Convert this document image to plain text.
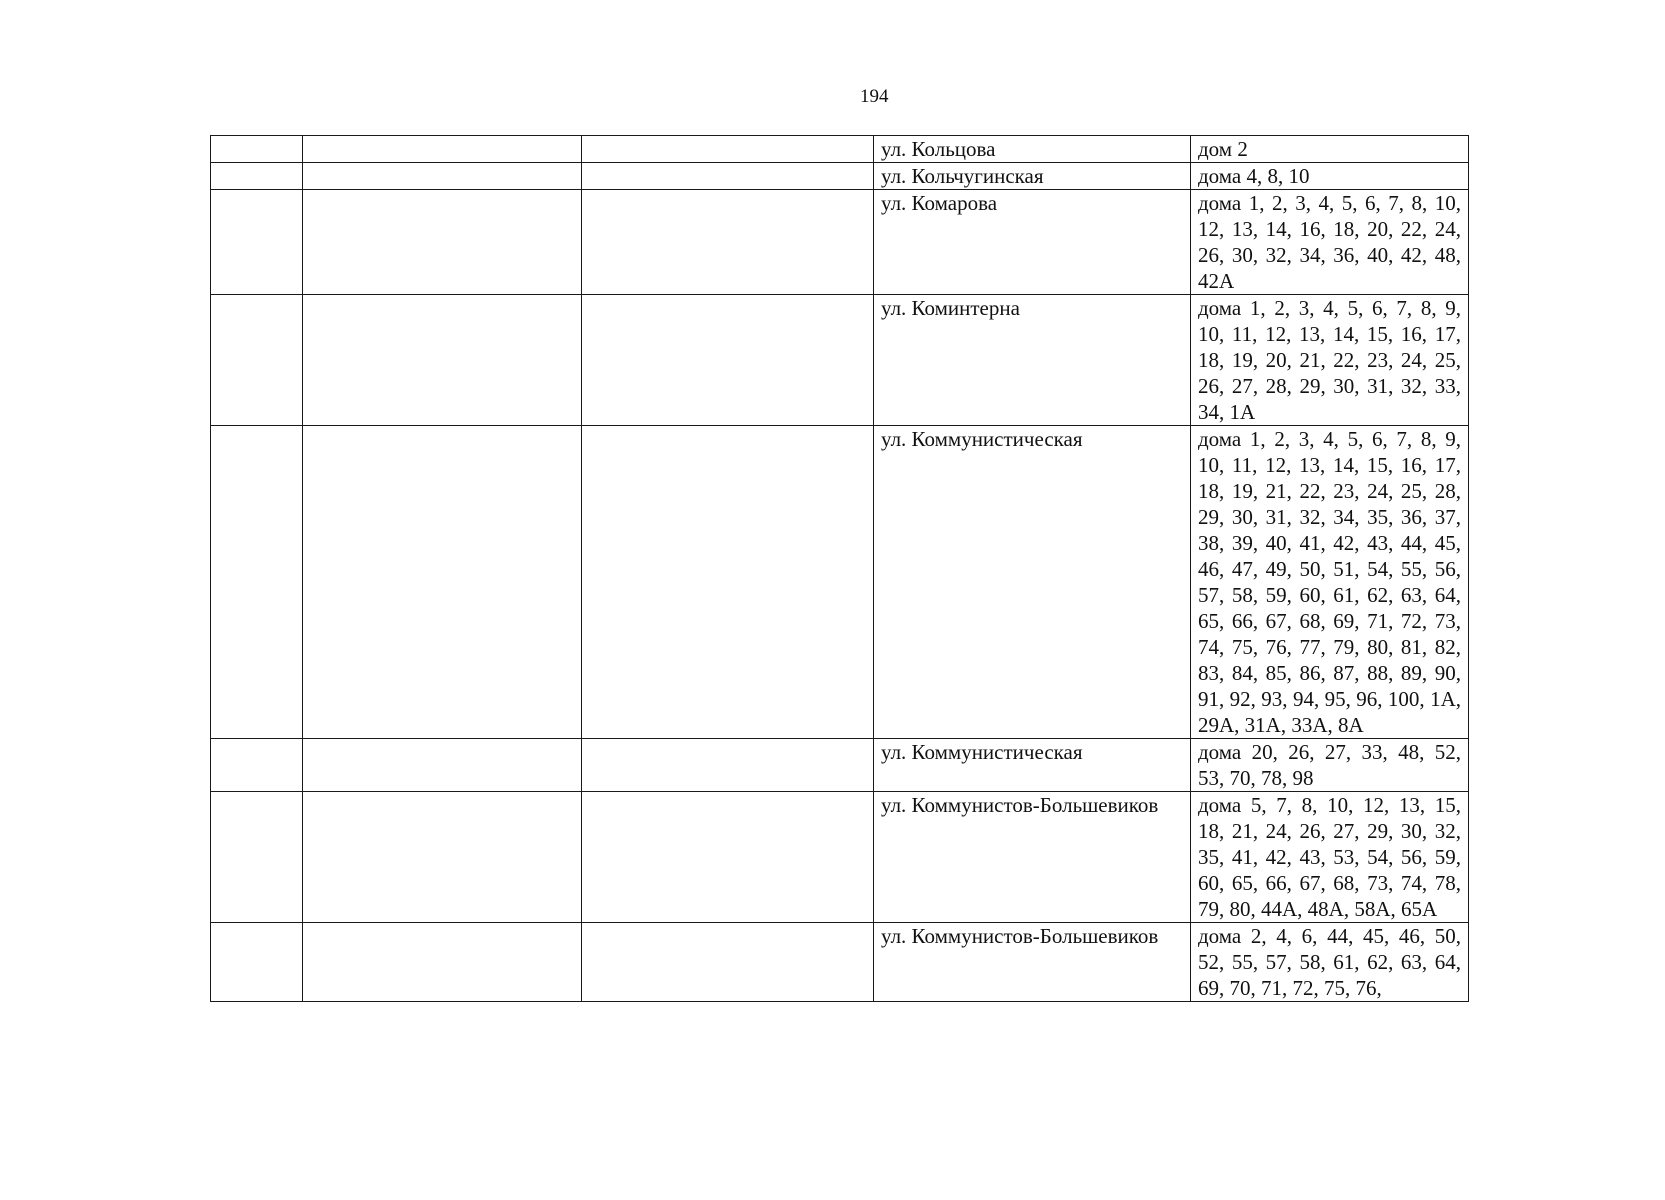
194
			ул. Кольцова	дом 2
			ул. Кольчугинская	дома 4, 8, 10
			ул. Комарова	дома 1, 2, 3, 4, 5, 6, 7, 8, 10, 12, 13, 14, 16, 18, 20, 22, 24, 26, 30, 32, 34, 36, 40, 42, 48, 42А
			ул. Коминтерна	дома 1, 2, 3, 4, 5, 6, 7, 8, 9, 10, 11, 12, 13, 14, 15, 16, 17, 18, 19, 20, 21, 22, 23, 24, 25, 26, 27, 28, 29, 30, 31, 32, 33, 34, 1А
			ул. Коммунистическая	дома 1, 2, 3, 4, 5, 6, 7, 8, 9, 10, 11, 12, 13, 14, 15, 16, 17, 18, 19, 21, 22, 23, 24, 25, 28, 29, 30, 31, 32, 34, 35, 36, 37, 38, 39, 40, 41, 42, 43, 44, 45, 46, 47, 49, 50, 51, 54, 55, 56, 57, 58, 59, 60, 61, 62, 63, 64, 65, 66, 67, 68, 69, 71, 72, 73, 74, 75, 76, 77, 79, 80, 81, 82, 83, 84, 85, 86, 87, 88, 89, 90, 91, 92, 93, 94, 95, 96, 100, 1А, 29А, 31А, 33А, 8А
			ул. Коммунистическая	дома 20, 26, 27, 33, 48, 52, 53, 70, 78, 98
			ул. Коммунистов-Большевиков	дома 5, 7, 8, 10, 12, 13, 15, 18, 21, 24, 26, 27, 29, 30, 32, 35, 41, 42, 43, 53, 54, 56, 59, 60, 65, 66, 67, 68, 73, 74, 78, 79, 80, 44А, 48А, 58А, 65А
			ул. Коммунистов-Большевиков	дома 2, 4, 6, 44, 45, 46, 50, 52, 55, 57, 58, 61, 62, 63, 64, 69, 70, 71, 72, 75, 76,
